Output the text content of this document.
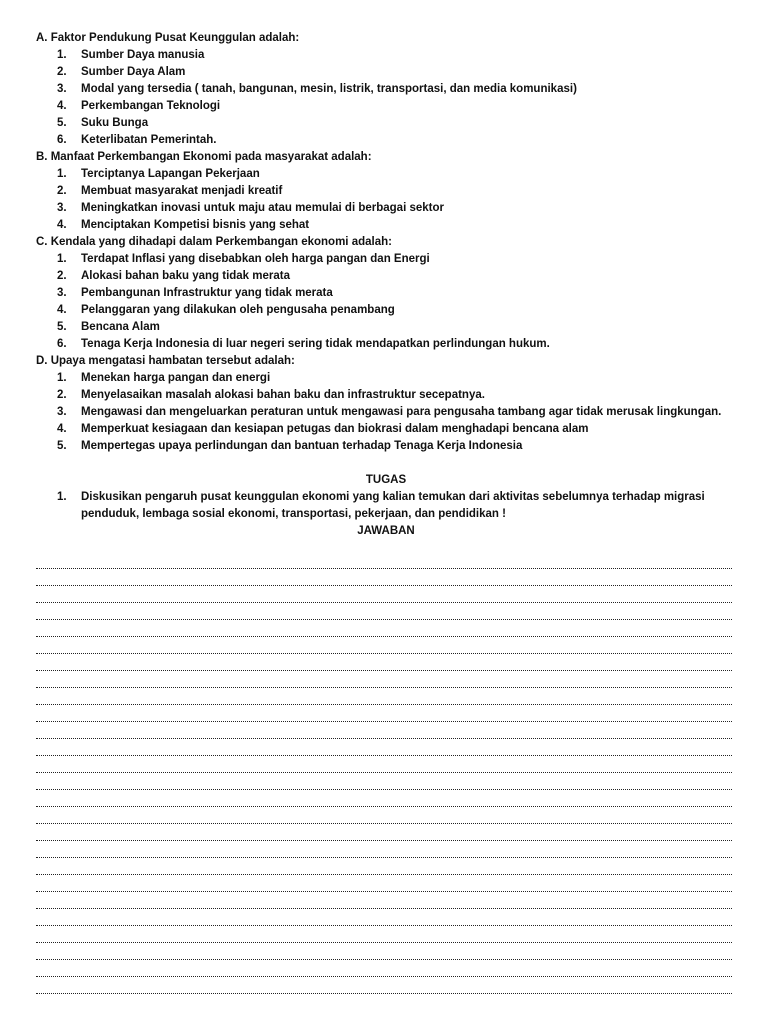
A. Faktor Pendukung Pusat Keunggulan adalah:
1. Sumber Daya manusia
2. Sumber Daya Alam
3. Modal yang tersedia ( tanah, bangunan, mesin, listrik, transportasi, dan media komunikasi)
4. Perkembangan Teknologi
5. Suku Bunga
6. Keterlibatan Pemerintah.
B. Manfaat Perkembangan Ekonomi pada masyarakat adalah:
1. Terciptanya Lapangan Pekerjaan
2. Membuat masyarakat menjadi kreatif
3. Meningkatkan inovasi untuk maju atau memulai di berbagai sektor
4. Menciptakan Kompetisi bisnis yang sehat
C. Kendala yang dihadapi dalam Perkembangan ekonomi adalah:
1. Terdapat Inflasi yang disebabkan oleh harga pangan dan Energi
2. Alokasi bahan baku yang tidak merata
3. Pembangunan Infrastruktur yang tidak merata
4. Pelanggaran yang dilakukan oleh pengusaha penambang
5. Bencana Alam
6. Tenaga Kerja Indonesia di luar negeri sering tidak mendapatkan perlindungan hukum.
D. Upaya mengatasi hambatan tersebut adalah:
1. Menekan harga pangan dan energi
2. Menyelasaikan masalah alokasi bahan baku dan infrastruktur secepatnya.
3. Mengawasi dan mengeluarkan peraturan untuk mengawasi para pengusaha tambang agar tidak merusak lingkungan.
4. Memperkuat kesiagaan dan kesiapan petugas dan biokrasi dalam menghadapi bencana alam
5. Mempertegas upaya perlindungan dan bantuan terhadap Tenaga Kerja Indonesia
TUGAS
1. Diskusikan pengaruh pusat keunggulan ekonomi yang kalian temukan dari aktivitas sebelumnya terhadap migrasi penduduk, lembaga sosial ekonomi, transportasi, pekerjaan, dan pendidikan !
JAWABAN
